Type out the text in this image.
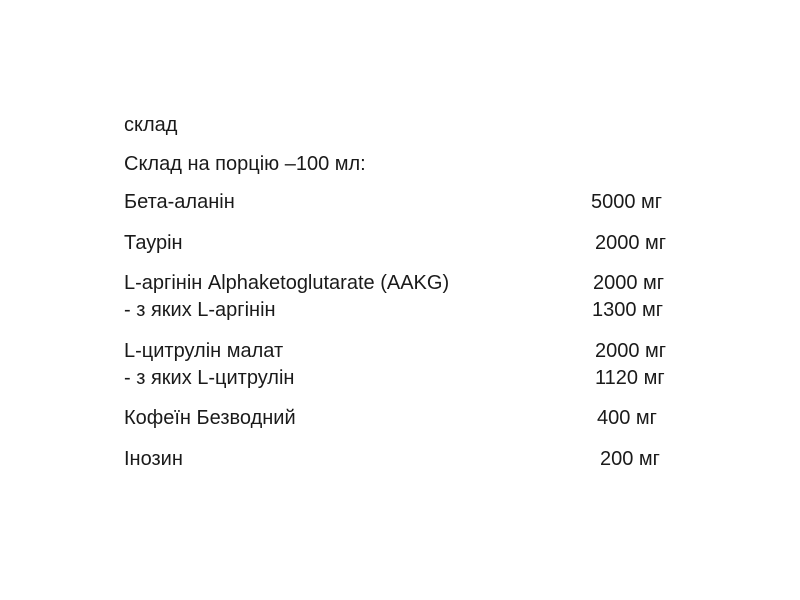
склад
Склад на порцію –100 мл:
Бета-аланін	5000 мг
Таурін	2000 мг
L-аргінін Alphaketoglutarate (AAKG)	2000 мг
- з яких L-аргінін	1300 мг
L-цитрулін малат	2000 мг
- з яких L-цитрулін	1120 мг
Кофеїн Безводний	400 мг
Інозин	200 мг
